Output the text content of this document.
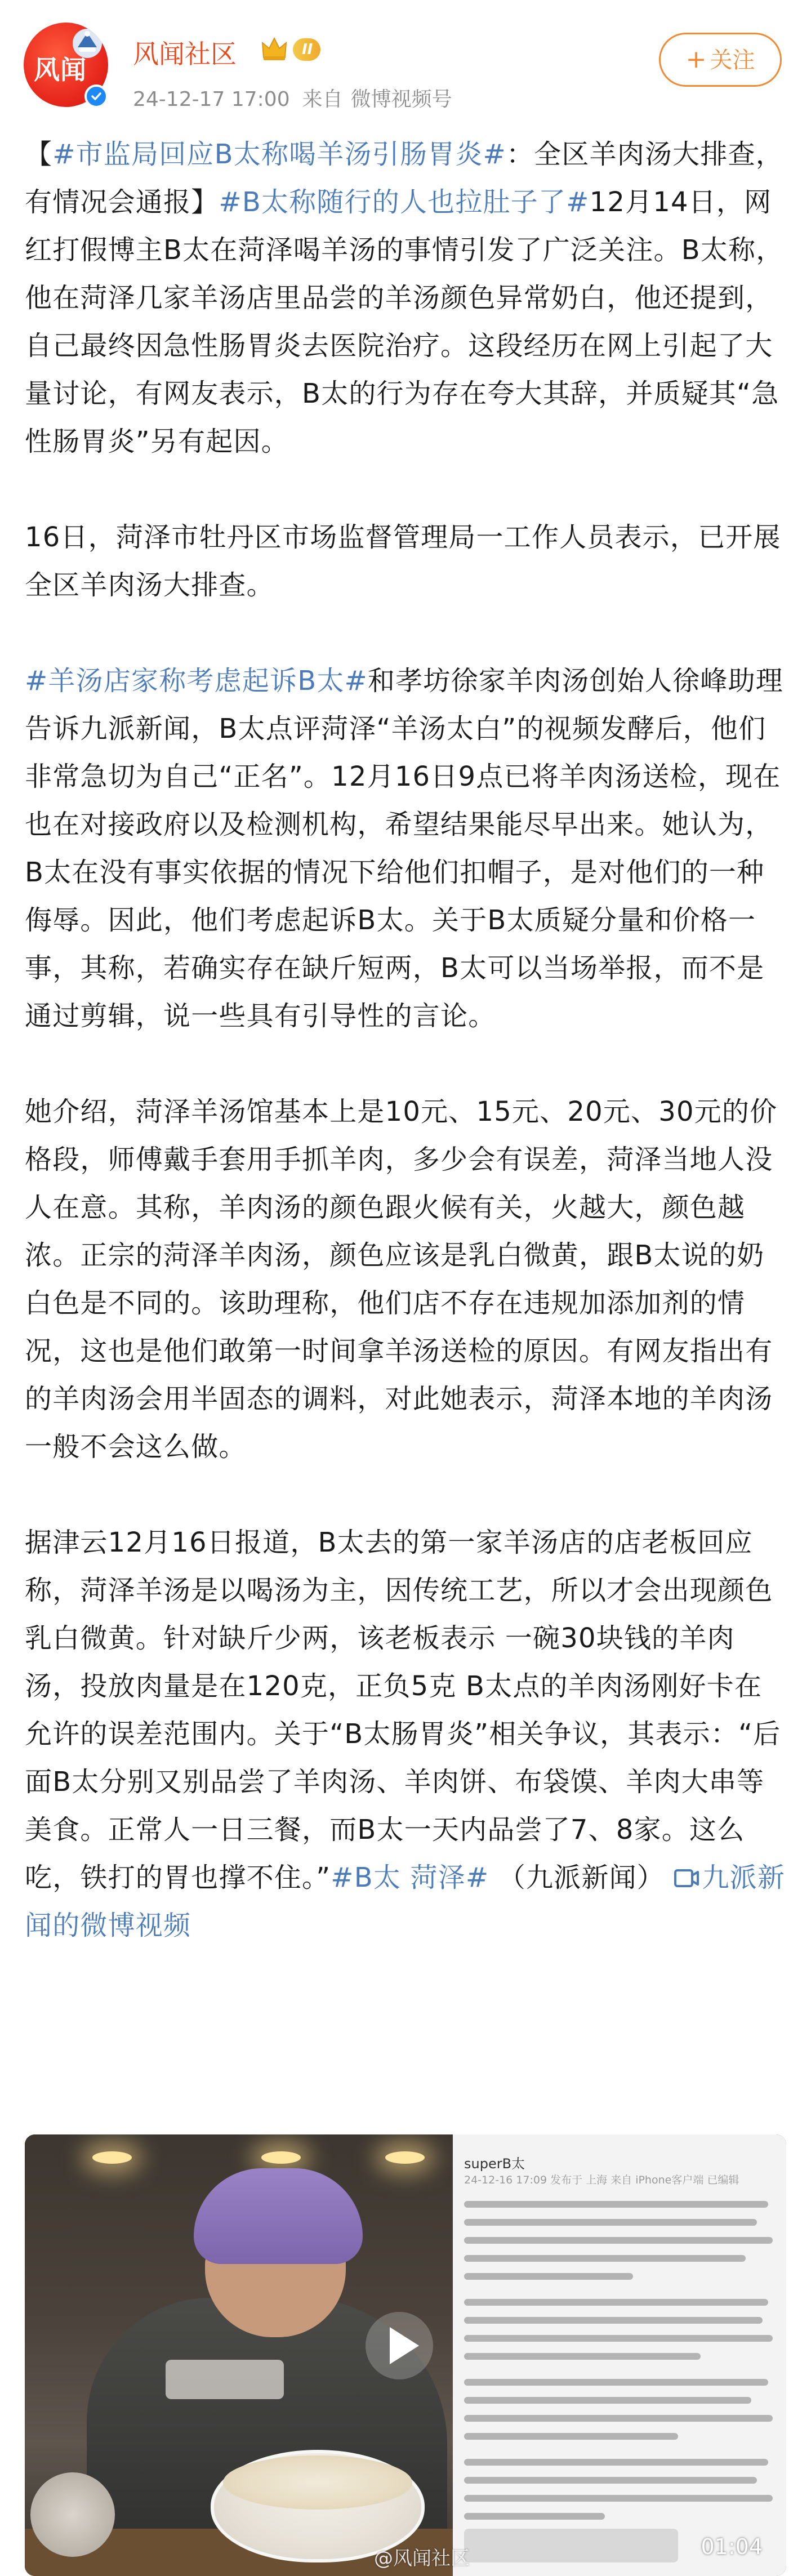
风闻
风闻社区	II
24-12-17 17:00 来自 微博视频号
+ 关注

【#市监局回应B太称喝羊汤引肠胃炎#：全区羊肉汤大排查，有情况会通报】#B太称随行的人也拉肚子了#12月14日，网红打假博主B太在菏泽喝羊汤的事情引发了广泛关注。B太称，他在菏泽几家羊汤店里品尝的羊汤颜色异常奶白，他还提到，自己最终因急性肠胃炎去医院治疗。这段经历在网上引起了大量讨论，有网友表示，B太的行为存在夸大其辞，并质疑其“急性肠胃炎”另有起因。

16日，菏泽市牡丹区市场监督管理局一工作人员表示，已开展全区羊肉汤大排查。

#羊汤店家称考虑起诉B太#和孝坊徐家羊肉汤创始人徐峰助理告诉九派新闻，B太点评菏泽“羊汤太白”的视频发酵后，他们非常急切为自己“正名”。12月16日9点已将羊肉汤送检，现在也在对接政府以及检测机构，希望结果能尽早出来。她认为，B太在没有事实依据的情况下给他们扣帽子，是对他们的一种侮辱。因此，他们考虑起诉B太。关于B太质疑分量和价格一事，其称，若确实存在缺斤短两，B太可以当场举报，而不是通过剪辑，说一些具有引导性的言论。

她介绍，菏泽羊汤馆基本上是10元、15元、20元、30元的价格段，师傅戴手套用手抓羊肉，多少会有误差，菏泽当地人没人在意。其称，羊肉汤的颜色跟火候有关，火越大，颜色越浓。正宗的菏泽羊肉汤，颜色应该是乳白微黄，跟B太说的奶白色是不同的。该助理称，他们店不存在违规加添加剂的情况，这也是他们敢第一时间拿羊汤送检的原因。有网友指出有的羊肉汤会用半固态的调料，对此她表示，菏泽本地的羊肉汤一般不会这么做。

据津云12月16日报道，B太去的第一家羊汤店的店老板回应称，菏泽羊汤是以喝汤为主，因传统工艺，所以才会出现颜色乳白微黄。针对缺斤少两，该老板表示 一碗30块钱的羊肉汤，投放肉量是在120克，正负5克 B太点的羊肉汤刚好卡在允许的误差范围内。关于“B太肠胃炎”相关争议，其表示：“后面B太分别又别品尝了羊肉汤、羊肉饼、布袋馍、羊肉大串等美食。正常人一日三餐，而B太一天内品尝了7、8家。这么吃，铁打的胃也撑不住。”#B太 菏泽# （九派新闻） 九派新闻的微博视频

superB太
24-12-16 17:09 发布于 上海 来自 iPhone客户端 已编辑
@风闻社区	01:04
